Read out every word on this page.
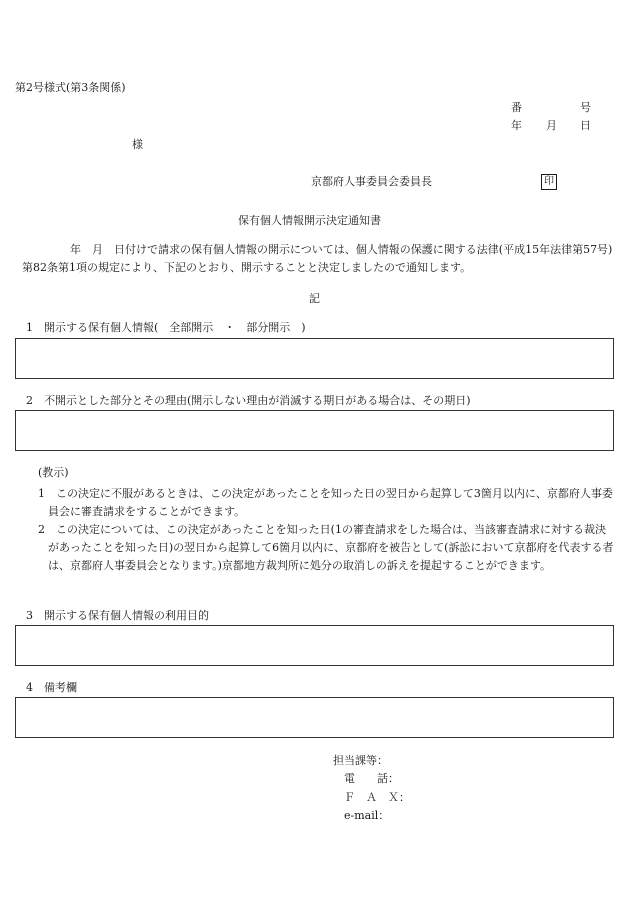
第2号様式(第3条関係)
番	号
年 月 日
様
京都府人事委員会委員長	印
保有個人情報開示決定通知書
年　月　日付けで請求の保有個人情報の開示については、個人情報の保護に関する法律(平成15年法律第57号)第82条第1項の規定により、下記のとおり、開示することと決定しましたので通知します。
記
1　開示する保有個人情報(　全部開示　・　部分開示　)
2　不開示とした部分とその理由(開示しない理由が消滅する期日がある場合は、その期日)
(教示)
1　この決定に不服があるときは、この決定があったことを知った日の翌日から起算して3箇月以内に、京都府人事委員会に審査請求をすることができます。
2　この決定については、この決定があったことを知った日(1の審査請求をした場合は、当該審査請求に対する裁決があったことを知った日)の翌日から起算して6箇月以内に、京都府を被告として(訴訟において京都府を代表する者は、京都府人事委員会となります。)京都地方裁判所に処分の取消しの訴えを提起することができます。
3　開示する保有個人情報の利用目的
4　備考欄
担当課等：
電　　話：
Ｆ　Ａ　Ｘ：
e-mail：
